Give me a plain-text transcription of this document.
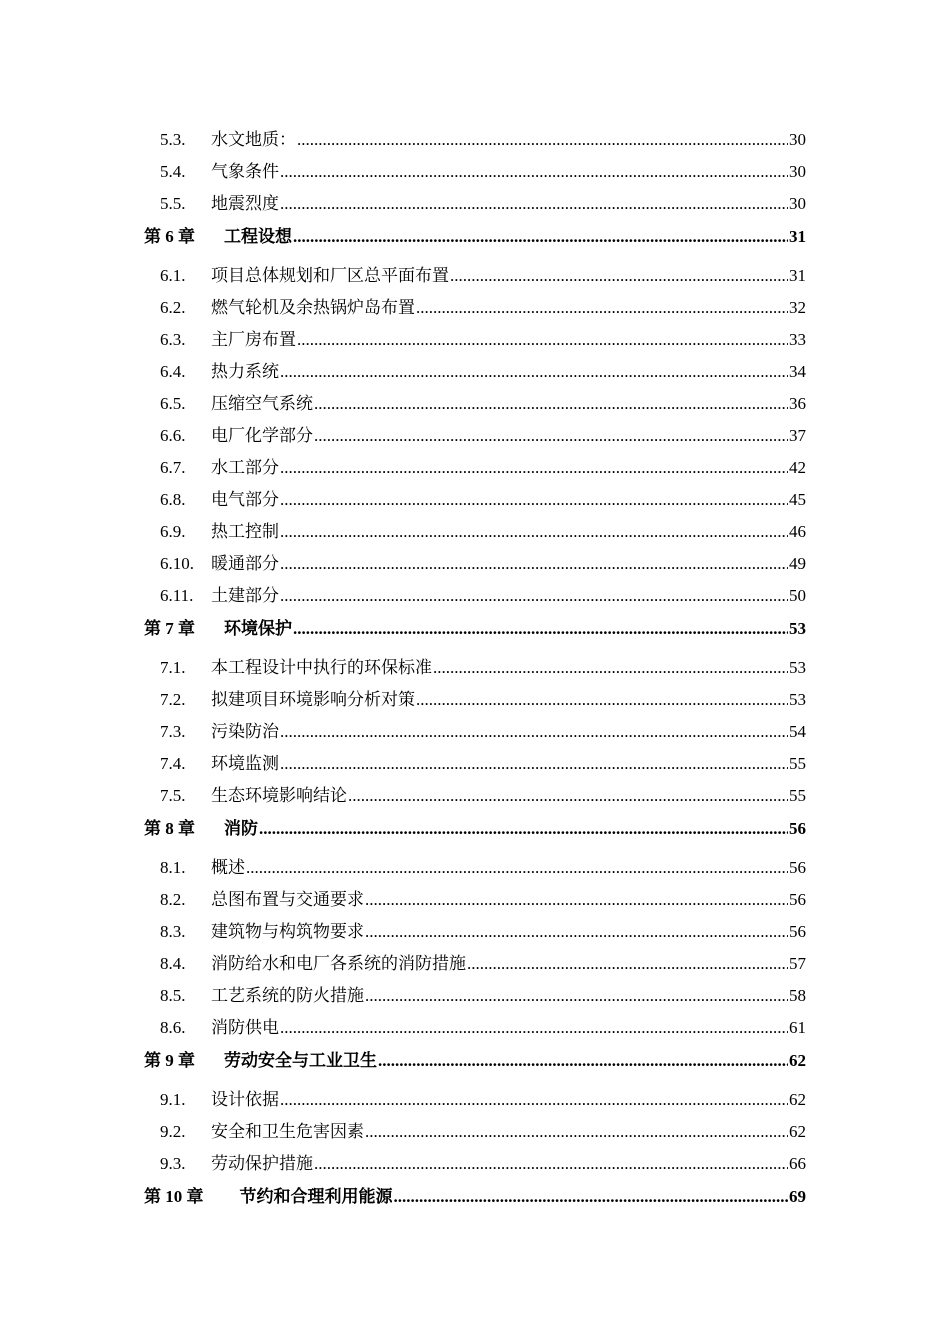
5.3.	水文地质： .....	30
5.4.	气象条件 .....	30
5.5.	地震烈度 .....	30
第 6 章 工程设想 .....	31
6.1.	项目总体规划和厂区总平面布置 .....	31
6.2.	燃气轮机及余热锅炉岛布置 .....	32
6.3.	主厂房布置 .....	33
6.4.	热力系统 .....	34
6.5.	压缩空气系统 .....	36
6.6.	电厂化学部分 .....	37
6.7.	水工部分 .....	42
6.8.	电气部分 .....	45
6.9.	热工控制 .....	46
6.10.	暖通部分 .....	49
6.11.	土建部分 .....	50
第 7 章 环境保护 .....	53
7.1.	本工程设计中执行的环保标准 .....	53
7.2.	拟建项目环境影响分析对策 .....	53
7.3.	污染防治 .....	54
7.4.	环境监测 .....	55
7.5.	生态环境影响结论 .....	55
第 8 章 消防 .....	56
8.1.	概述 .....	56
8.2.	总图布置与交通要求 .....	56
8.3.	建筑物与构筑物要求 .....	56
8.4.	消防给水和电厂各系统的消防措施 .....	57
8.5.	工艺系统的防火措施 .....	58
8.6.	消防供电 .....	61
第 9 章 劳动安全与工业卫生 .....	62
9.1.	设计依据 .....	62
9.2.	安全和卫生危害因素 .....	62
9.3.	劳动保护措施 .....	66
第 10 章 节约和合理利用能源 .....	69
